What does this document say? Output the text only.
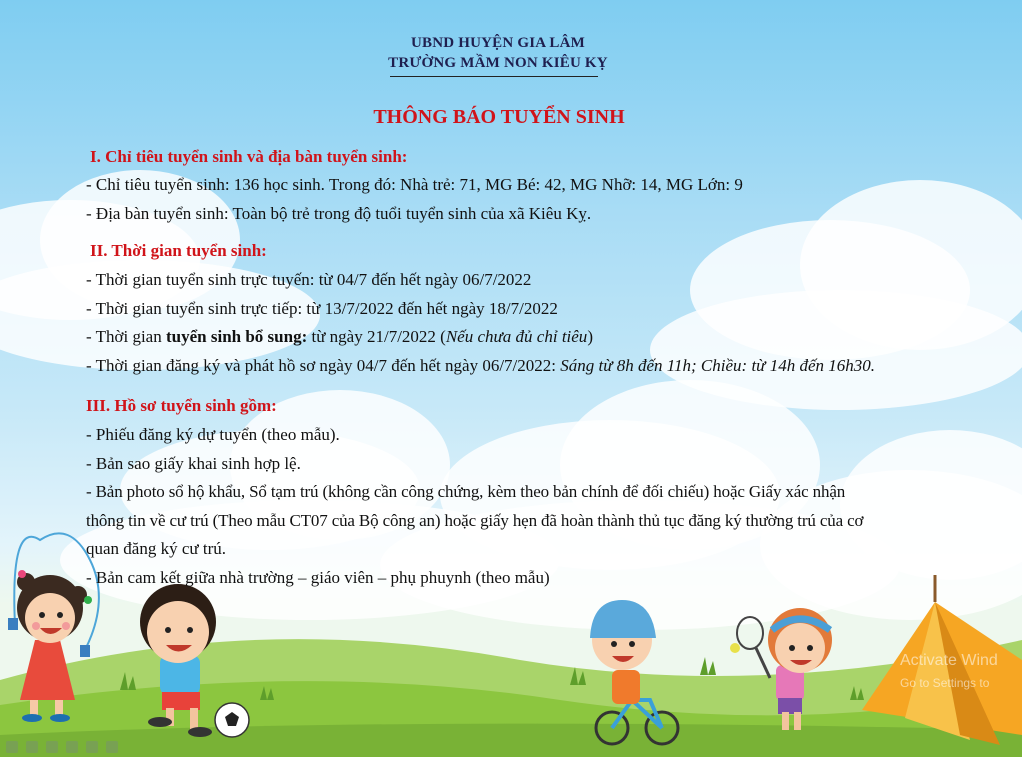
UBND HUYỆN GIA LÂM
TRƯỜNG MẦM NON KIÊU KỴ
THÔNG BÁO TUYỂN SINH
I. Chỉ tiêu tuyển sinh và địa bàn tuyển sinh:
- Chỉ tiêu tuyển sinh: 136 học sinh. Trong đó: Nhà trẻ: 71, MG Bé: 42, MG Nhỡ: 14, MG Lớn: 9
- Địa bàn tuyển sinh: Toàn bộ trẻ trong độ tuổi tuyển sinh của xã Kiêu Kỵ.
II. Thời gian tuyển sinh:
- Thời gian tuyển sinh trực tuyến: từ 04/7 đến hết ngày 06/7/2022
- Thời gian tuyển sinh trực tiếp: từ 13/7/2022 đến hết ngày 18/7/2022
- Thời gian tuyển sinh bổ sung: từ ngày 21/7/2022 (Nếu chưa đủ chỉ tiêu)
- Thời gian đăng ký và phát hồ sơ ngày 04/7 đến hết ngày 06/7/2022: Sáng từ 8h đến 11h; Chiều: từ 14h đến 16h30.
III. Hồ sơ tuyển sinh gồm:
- Phiếu đăng ký dự tuyển (theo mẫu).
- Bản sao giấy khai sinh hợp lệ.
- Bản photo sổ hộ khẩu, Sổ tạm trú (không cần công chứng, kèm theo bản chính để đối chiếu) hoặc Giấy xác nhận
thông tin về cư trú (Theo mẫu CT07 của Bộ công an) hoặc giấy hẹn đã hoàn thành thủ tục đăng ký thường trú của cơ
quan đăng ký cư trú.
- Bản cam kết giữa nhà trường – giáo viên – phụ phuynh (theo mẫu)
Activate Wind
Go to Settings to
